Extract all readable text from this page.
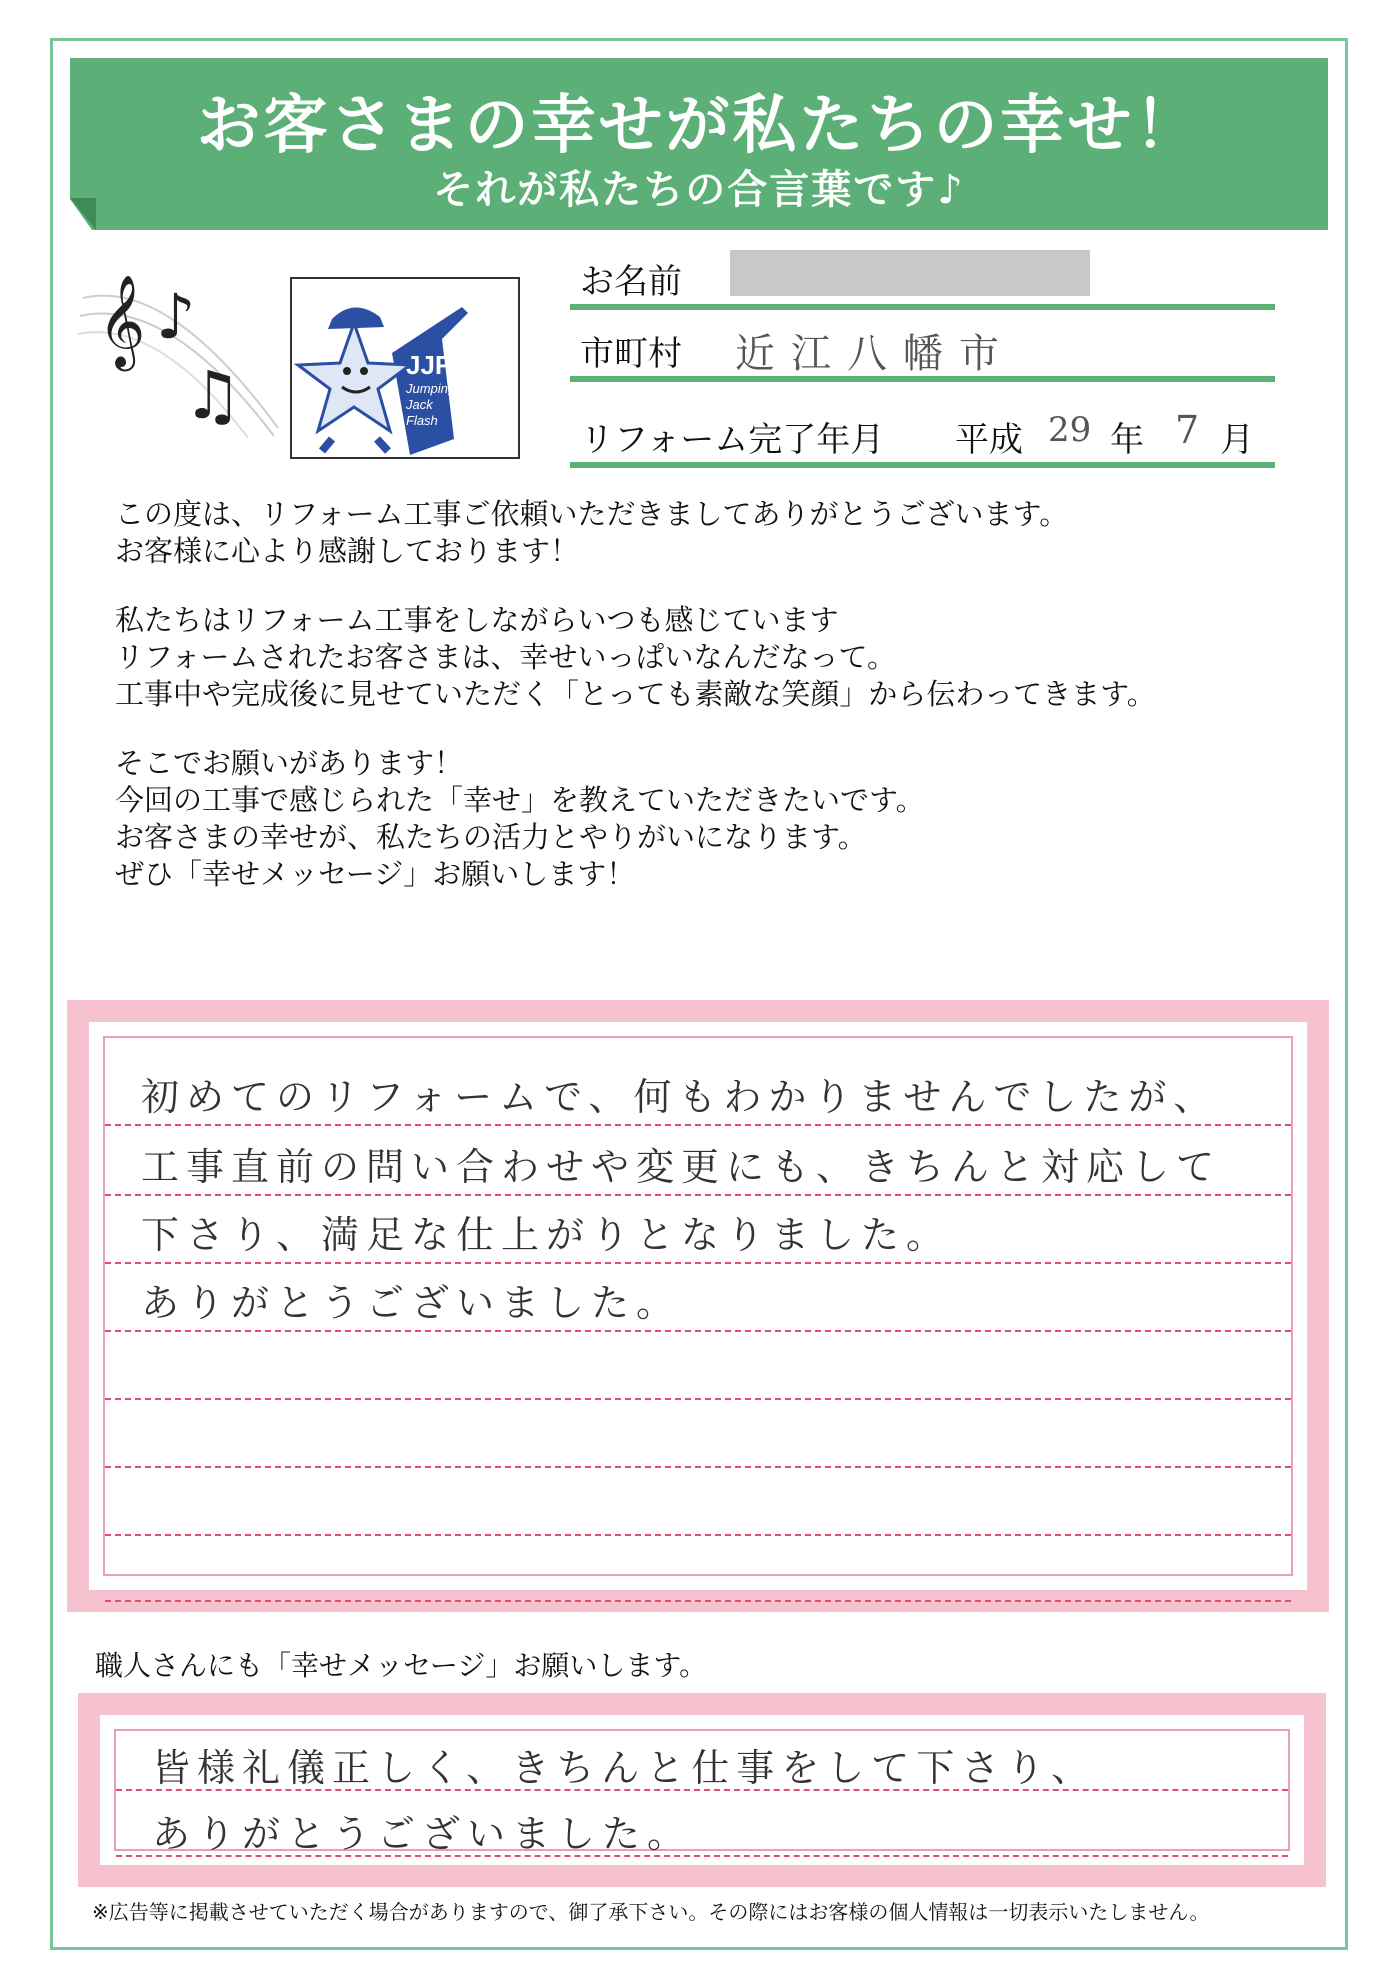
お客さまの幸せが私たちの幸せ！
それが私たちの合言葉です♪
𝄞 ♪
♫	JJF
Jumping
Jack
Flash
お名前
市町村 近江八幡市
リフォーム完了年月 平成 29 年 7 月

この度は、リフォーム工事ご依頼いただきましてありがとうございます。
お客様に心より感謝しております！

私たちはリフォーム工事をしながらいつも感じています
リフォームされたお客さまは、幸せいっぱいなんだなって。
工事中や完成後に見せていただく「とっても素敵な笑顔」から伝わってきます。

そこでお願いがあります！
今回の工事で感じられた「幸せ」を教えていただきたいです。
お客さまの幸せが、私たちの活力とやりがいになります。
ぜひ「幸せメッセージ」お願いします！

初めてのリフォームで、何もわかりませんでしたが、
工事直前の問い合わせや変更にも、きちんと対応して
下さり、満足な仕上がりとなりました。
ありがとうございました。
職人さんにも「幸せメッセージ」お願いします。
皆様礼儀正しく、きちんと仕事をして下さり、
ありがとうございました。
※広告等に掲載させていただく場合がありますので、御了承下さい。その際にはお客様の個人情報は一切表示いたしません。
